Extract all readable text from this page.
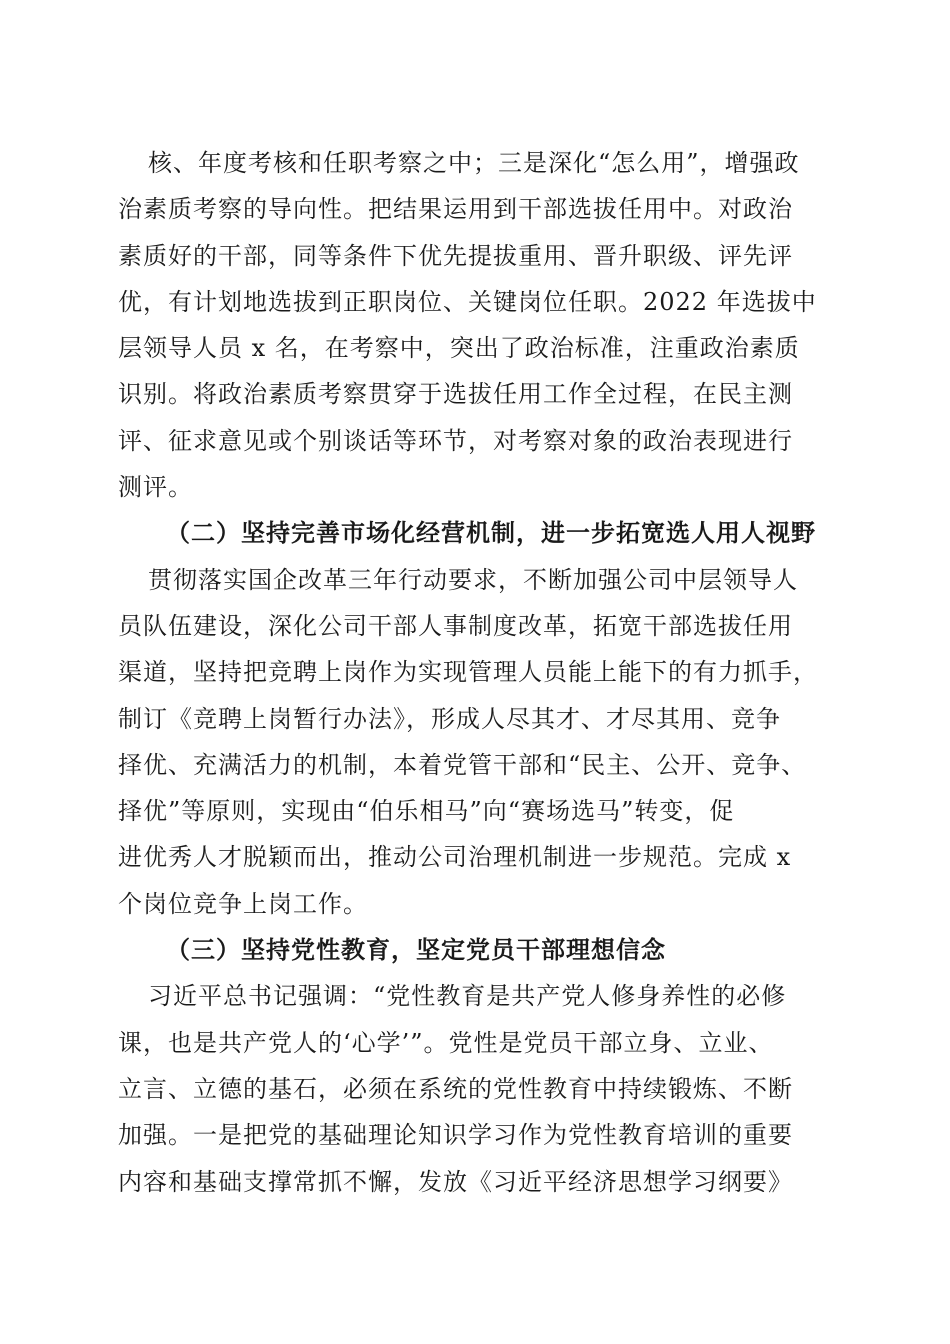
核、年度考核和任职考察之中；三是深化“怎么用”，增强政
治素质考察的导向性。把结果运用到干部选拔任用中。对政治
素质好的干部，同等条件下优先提拔重用、晋升职级、评先评
优，有计划地选拔到正职岗位、关键岗位任职。2022 年选拔中
层领导人员 x 名，在考察中，突出了政治标准，注重政治素质
识别。将政治素质考察贯穿于选拔任用工作全过程，在民主测
评、征求意见或个别谈话等环节，对考察对象的政治表现进行
测评。
（二）坚持完善市场化经营机制，进一步拓宽选人用人视野
贯彻落实国企改革三年行动要求，不断加强公司中层领导人
员队伍建设，深化公司干部人事制度改革，拓宽干部选拔任用
渠道，坚持把竞聘上岗作为实现管理人员能上能下的有力抓手，
制订《竞聘上岗暂行办法》，形成人尽其才、才尽其用、竞争
择优、充满活力的机制，本着党管干部和“民主、公开、竞争、
择优”等原则，实现由“伯乐相马”向“赛场选马”转变，促
进优秀人才脱颖而出，推动公司治理机制进一步规范。完成 x
个岗位竞争上岗工作。
（三）坚持党性教育，坚定党员干部理想信念
习近平总书记强调：“党性教育是共产党人修身养性的必修
课，也是共产党人的‘心学’”。党性是党员干部立身、立业、
立言、立德的基石，必须在系统的党性教育中持续锻炼、不断
加强。一是把党的基础理论知识学习作为党性教育培训的重要
内容和基础支撑常抓不懈，发放《习近平经济思想学习纲要》
